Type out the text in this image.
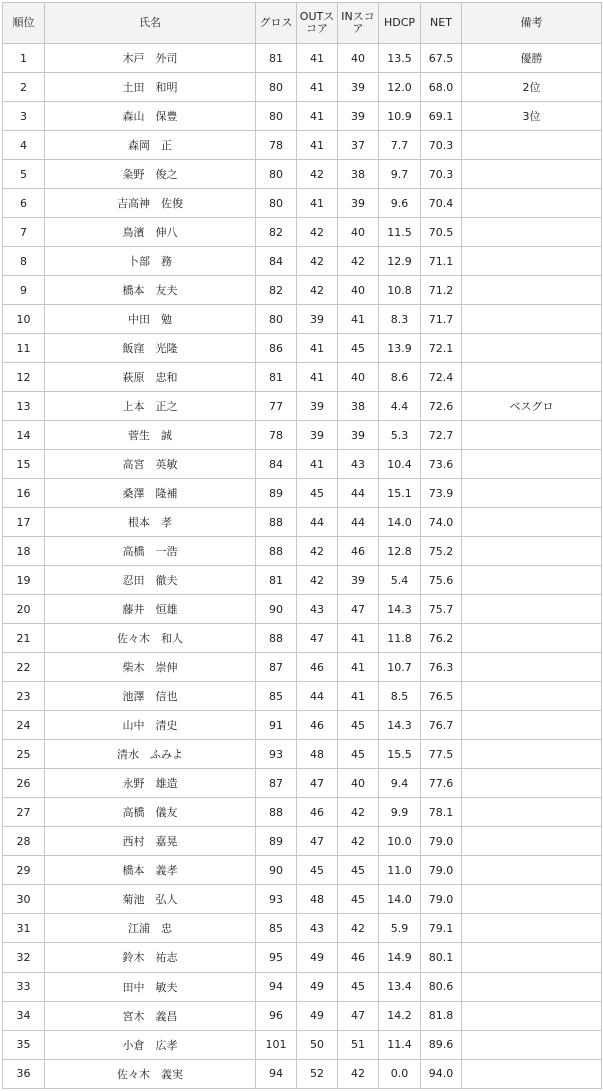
順位	氏名	グロス	OUTスコア	INスコア	HDCP	NET	備考
1	木戸　外司	81	41	40	13.5	67.5	優勝
2	土田　和明	80	41	39	12.0	68.0	2位
3	森山　保豊	80	41	39	10.9	69.1	3位
4	森岡　正	78	41	37	7.7	70.3	
5	粂野　俊之	80	42	38	9.7	70.3	
6	吉高神　佐俊	80	41	39	9.6	70.4	
7	鳥濱　伸八	82	42	40	11.5	70.5	
8	卜部　務	84	42	42	12.9	71.1	
9	橋本　友夫	82	42	40	10.8	71.2	
10	中田　勉	80	39	41	8.3	71.7	
11	飯窪　光隆	86	41	45	13.9	72.1	
12	萩原　忠和	81	41	40	8.6	72.4	
13	上本　正之	77	39	38	4.4	72.6	ベスグロ
14	菅生　誠	78	39	39	5.3	72.7	
15	高宮　英敏	84	41	43	10.4	73.6	
16	桑澤　隆補	89	45	44	15.1	73.9	
17	根本　孝	88	44	44	14.0	74.0	
18	高橋　一浩	88	42	46	12.8	75.2	
19	忍田　徹夫	81	42	39	5.4	75.6	
20	藤井　恒雄	90	43	47	14.3	75.7	
21	佐々木　和人	88	47	41	11.8	76.2	
22	柴木　崇伸	87	46	41	10.7	76.3	
23	池澤　信也	85	44	41	8.5	76.5	
24	山中　清史	91	46	45	14.3	76.7	
25	清水　ふみよ	93	48	45	15.5	77.5	
26	永野　雄造	87	47	40	9.4	77.6	
27	高橋　儀友	88	46	42	9.9	78.1	
28	西村　嘉晃	89	47	42	10.0	79.0	
29	橋本　義孝	90	45	45	11.0	79.0	
30	菊池　弘人	93	48	45	14.0	79.0	
31	江浦　忠	85	43	42	5.9	79.1	
32	鈴木　祐志	95	49	46	14.9	80.1	
33	田中　敏夫	94	49	45	13.4	80.6	
34	宮木　義昌	96	49	47	14.2	81.8	
35	小倉　広孝	101	50	51	11.4	89.6	
36	佐々木　義実	94	52	42	0.0	94.0	
